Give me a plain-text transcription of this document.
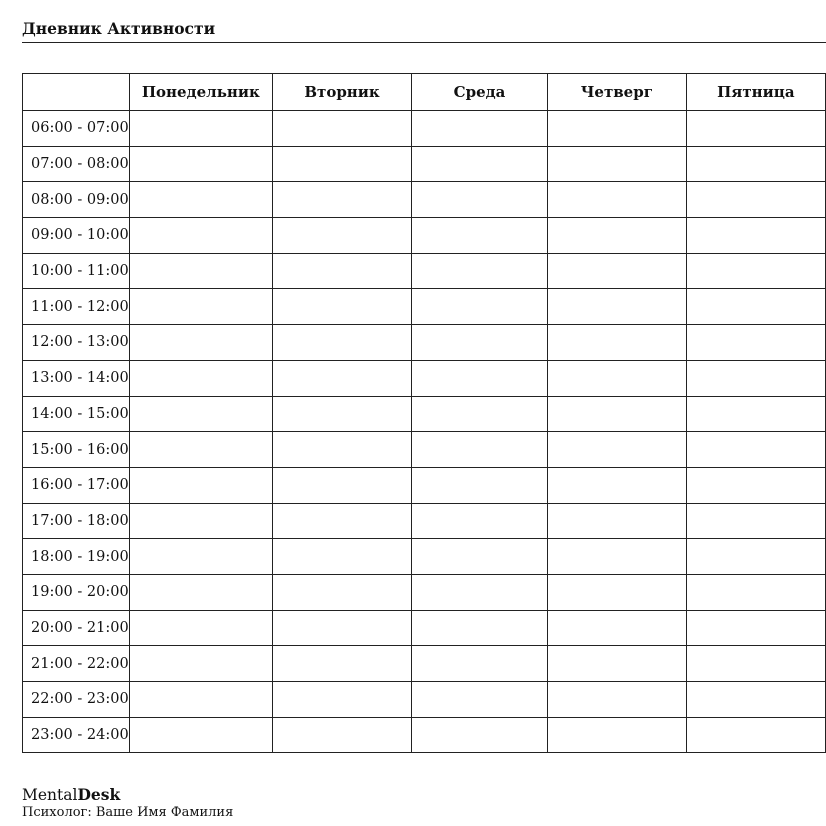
Дневник Активности
	Понедельник	Вторник	Среда	Четверг	Пятница
06:00 - 07:00					
07:00 - 08:00					
08:00 - 09:00					
09:00 - 10:00					
10:00 - 11:00					
11:00 - 12:00					
12:00 - 13:00					
13:00 - 14:00					
14:00 - 15:00					
15:00 - 16:00					
16:00 - 17:00					
17:00 - 18:00					
18:00 - 19:00					
19:00 - 20:00					
20:00 - 21:00					
21:00 - 22:00					
22:00 - 23:00					
23:00 - 24:00					
MentalDesk
Психолог: Ваше Имя Фамилия
